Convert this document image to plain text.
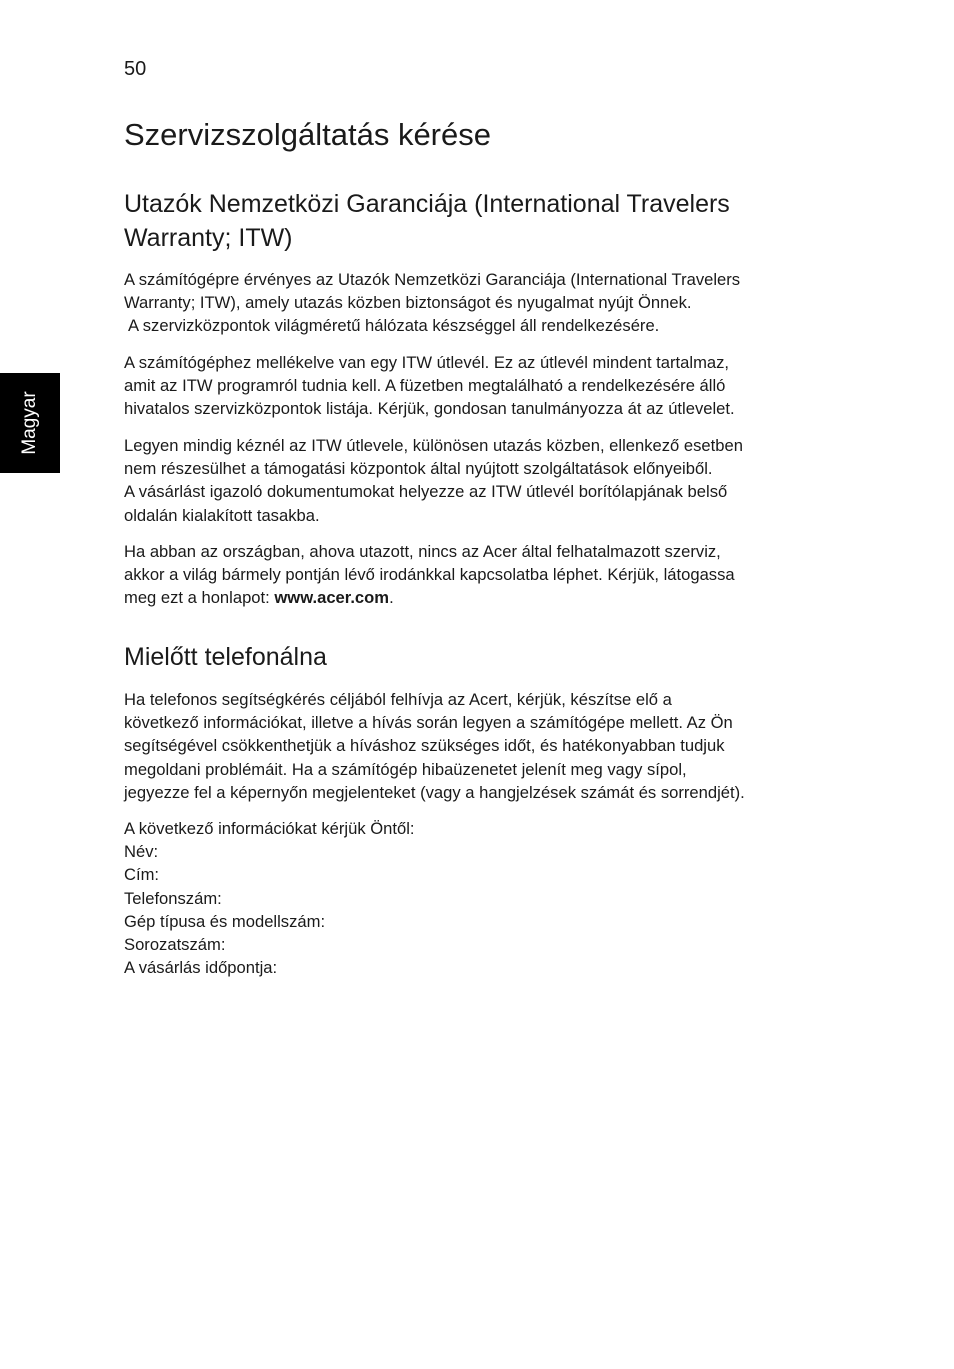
50
Magyar
Szervizszolgáltatás kérése
Utazók Nemzetközi Garanciája (International Travelers
Warranty; ITW)

A számítógépre érvényes az Utazók Nemzetközi Garanciája (International Travelers
Warranty; ITW), amely utazás közben biztonságot és nyugalmat nyújt Önnek.
A szervizközpontok világméretű hálózata készséggel áll rendelkezésére.

A számítógéphez mellékelve van egy ITW útlevél. Ez az útlevél mindent tartalmaz,
amit az ITW programról tudnia kell. A füzetben megtalálható a rendelkezésére álló
hivatalos szervizközpontok listája. Kérjük, gondosan tanulmányozza át az útlevelet.

Legyen mindig kéznél az ITW útlevele, különösen utazás közben, ellenkező esetben
nem részesülhet a támogatási központok által nyújtott szolgáltatások előnyeiből.
A vásárlást igazoló dokumentumokat helyezze az ITW útlevél borítólapjának belső
oldalán kialakított tasakba.

Ha abban az országban, ahova utazott, nincs az Acer által felhatalmazott szerviz,
akkor a világ bármely pontján lévő irodánkkal kapcsolatba léphet. Kérjük, látogassa
meg ezt a honlapot: www.acer.com.

Mielőtt telefonálna

Ha telefonos segítségkérés céljából felhívja az Acert, kérjük, készítse elő a
következő információkat, illetve a hívás során legyen a számítógépe mellett. Az Ön
segítségével csökkenthetjük a híváshoz szükséges időt, és hatékonyabban tudjuk
megoldani problémáit. Ha a számítógép hibaüzenetet jelenít meg vagy sípol,
jegyezze fel a képernyőn megjelenteket (vagy a hangjelzések számát és sorrendjét).

A következő információkat kérjük Öntől:
Név:
Cím:
Telefonszám:
Gép típusa és modellszám:
Sorozatszám:
A vásárlás időpontja:
